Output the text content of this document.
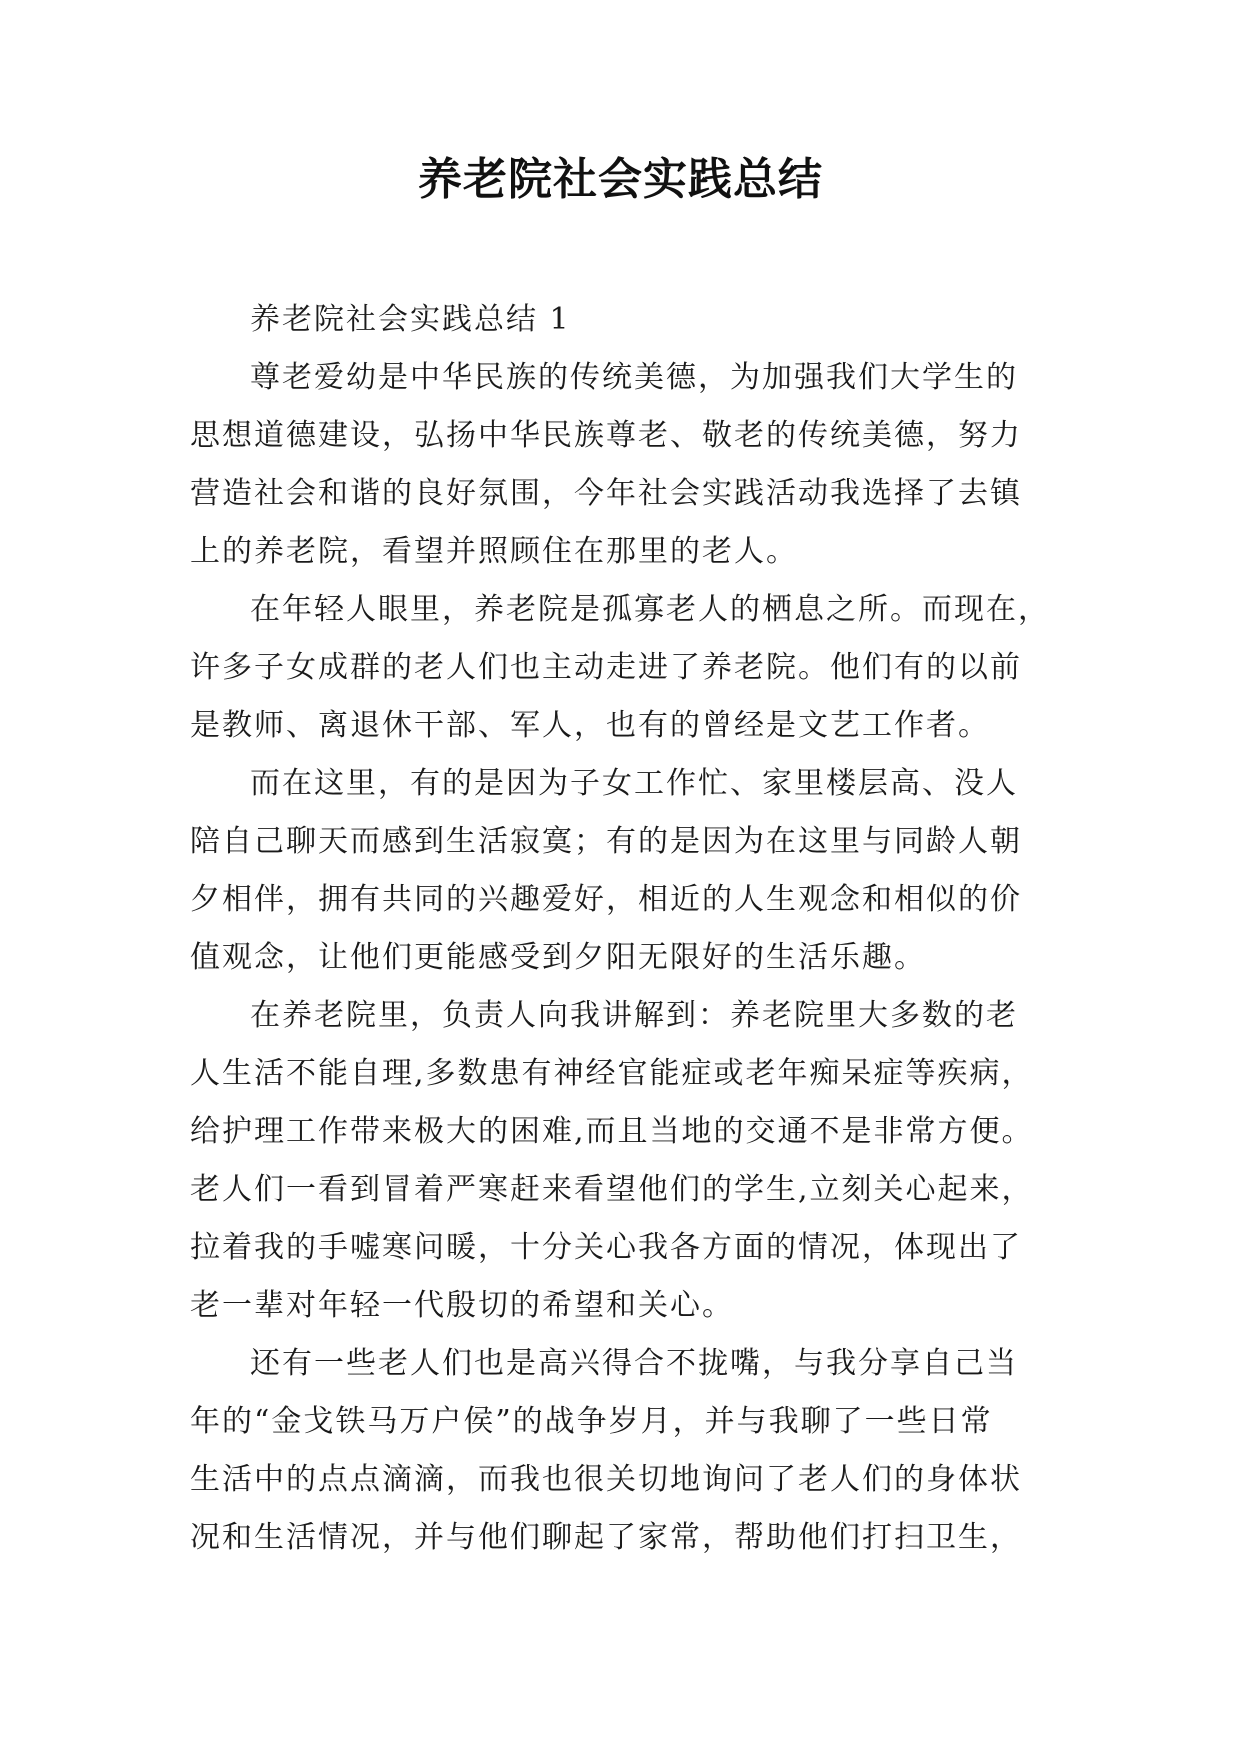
养老院社会实践总结

养老院社会实践总结 1

尊老爱幼是中华民族的传统美德，为加强我们大学生的
思想道德建设，弘扬中华民族尊老、敬老的传统美德，努力
营造社会和谐的良好氛围，今年社会实践活动我选择了去镇
上的养老院，看望并照顾住在那里的老人。

在年轻人眼里，养老院是孤寡老人的栖息之所。而现在，
许多子女成群的老人们也主动走进了养老院。他们有的以前
是教师、离退休干部、军人，也有的曾经是文艺工作者。

而在这里，有的是因为子女工作忙、家里楼层高、没人
陪自己聊天而感到生活寂寞；有的是因为在这里与同龄人朝
夕相伴，拥有共同的兴趣爱好，相近的人生观念和相似的价
值观念，让他们更能感受到夕阳无限好的生活乐趣。

在养老院里，负责人向我讲解到：养老院里大多数的老
人生活不能自理,多数患有神经官能症或老年痴呆症等疾病，
给护理工作带来极大的困难,而且当地的交通不是非常方便。
老人们一看到冒着严寒赶来看望他们的学生,立刻关心起来，
拉着我的手嘘寒问暖，十分关心我各方面的情况，体现出了
老一辈对年轻一代殷切的希望和关心。

还有一些老人们也是高兴得合不拢嘴，与我分享自己当
年的“金戈铁马万户侯”的战争岁月，并与我聊了一些日常
生活中的点点滴滴，而我也很关切地询问了老人们的身体状
况和生活情况，并与他们聊起了家常，帮助他们打扫卫生，
